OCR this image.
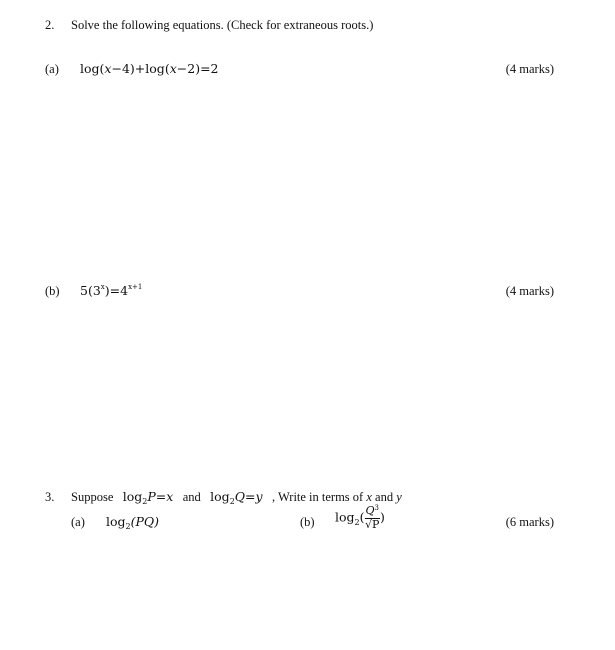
2. Solve the following equations. (Check for extraneous roots.)
(a) log(x−4)+log(x−2)=2	(4 marks)
(b) $5(3^x)=4^{x+1}$	(4 marks)
3. Suppose $\log_2P=x$ and $\log_2Q=y$ , Write in terms of x and y
(a) $\log_2(PQ)$	(b) $\log_2( \frac{Q^3}{√P}$ )	(6 marks)
